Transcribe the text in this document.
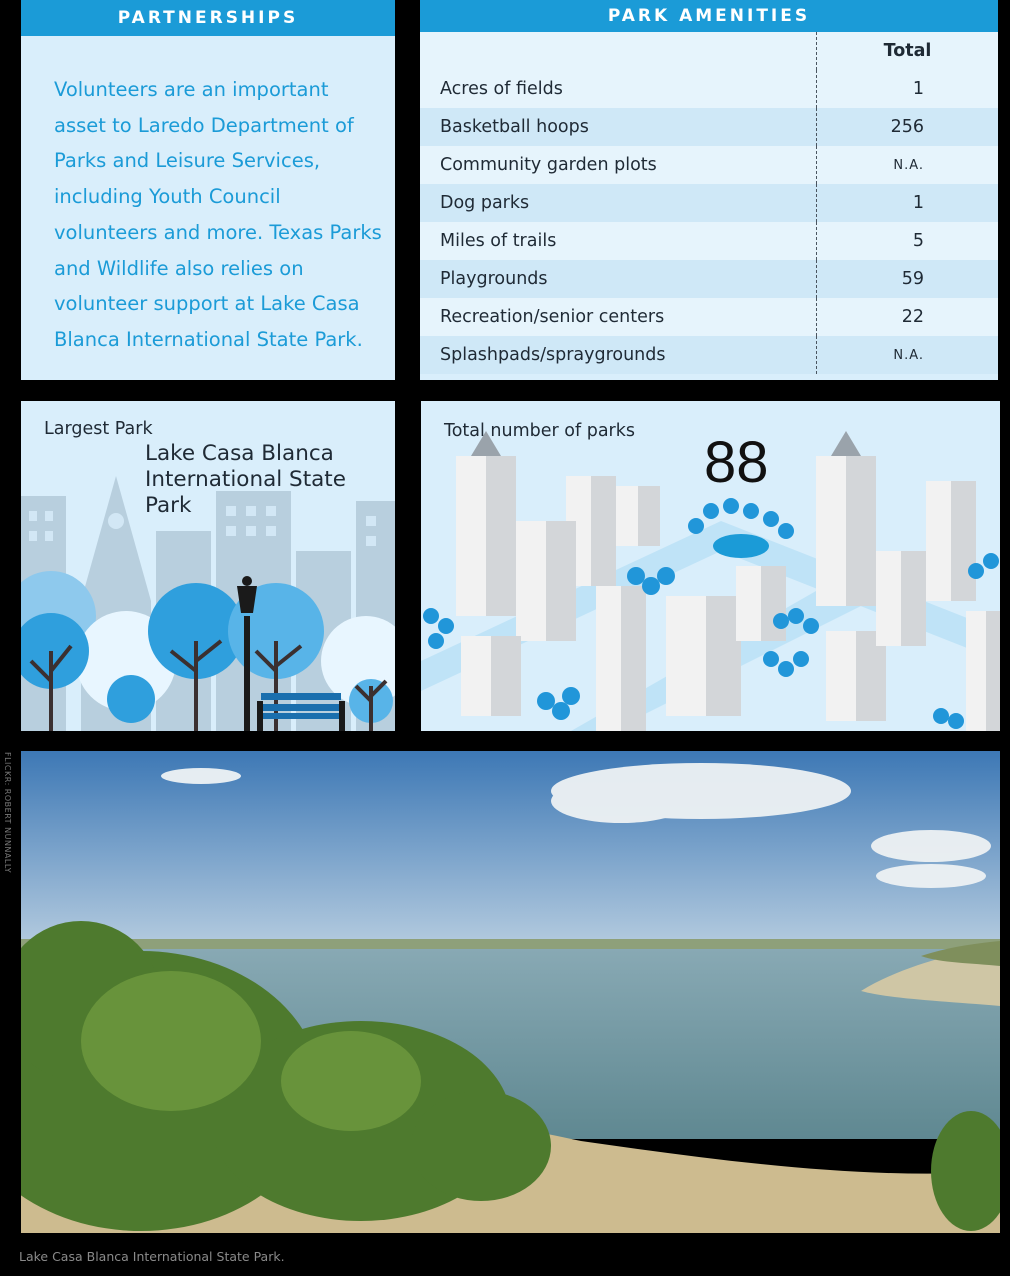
PARTNERSHIPS
Volunteers are an important asset to Laredo Department of Parks and Leisure Services, including Youth Council volunteers and more. Texas Parks and Wildlife also relies on volunteer support at Lake Casa Blanca International State Park.
PARK AMENITIES
	Total
Acres of fields	1
Basketball hoops	256
Community garden plots	N.A.
Dog parks	1
Miles of trails	5
Playgrounds	59
Recreation/senior centers	22
Splashpads/spraygrounds	N.A.
Largest Park
Lake Casa Blanca
International State Park
Total number of parks 88
FLICKR: ROBERT NUNNALLY
Lake Casa Blanca International State Park.
